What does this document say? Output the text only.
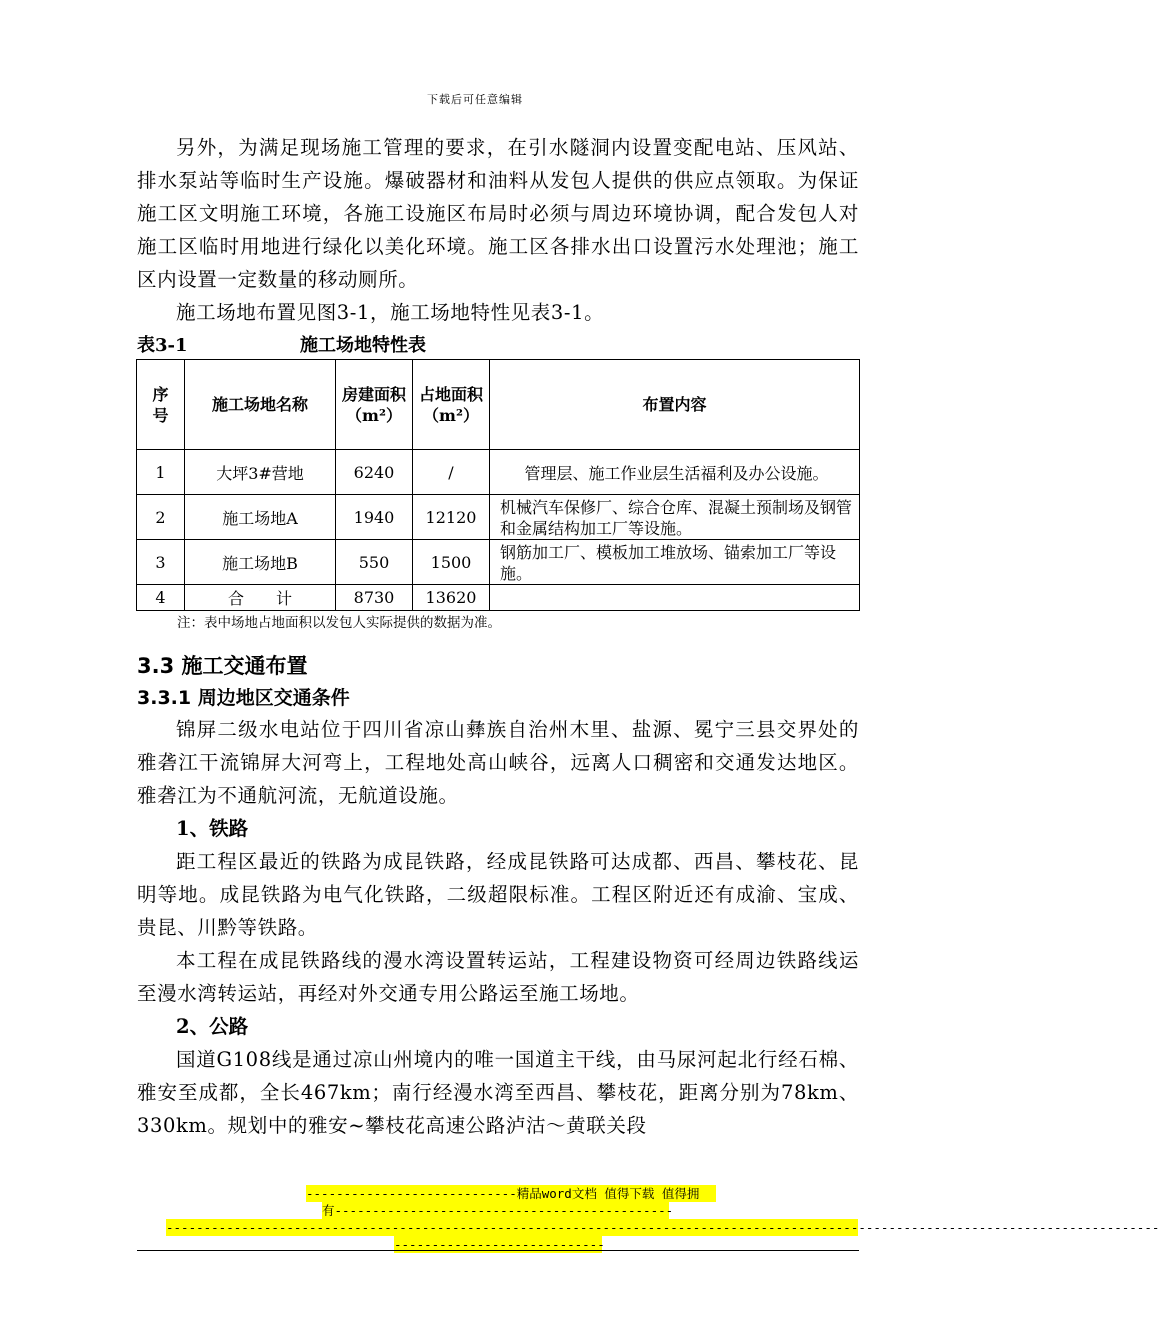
下载后可任意编辑

另外，为满足现场施工管理的要求，在引水隧洞内设置变配电站、压风站、排水泵站等临时生产设施。爆破器材和油料从发包人提供的供应点领取。为保证施工区文明施工环境，各施工设施区布局时必须与周边环境协调，配合发包人对施工区临时用地进行绿化以美化环境。施工区各排水出口设置污水处理池；施工区内设置一定数量的移动厕所。

施工场地布置见图3-1，施工场地特性见表3-1。

表3-1	施工场地特性表
序号	施工场地名称	房建面积（m²）	占地面积（m²）	布置内容
1	大坪3#营地	6240	/	管理层、施工作业层生活福利及办公设施。
2	施工场地A	1940	12120	机械汽车保修厂、综合仓库、混凝土预制场及钢管和金属结构加工厂等设施。
3	施工场地B	550	1500	钢筋加工厂、模板加工堆放场、锚索加工厂等设施。
4	合　　计	8730	13620	
注：表中场地占地面积以发包人实际提供的数据为准。
3.3 施工交通布置
3.3.1 周边地区交通条件

锦屏二级水电站位于四川省凉山彝族自治州木里、盐源、冕宁三县交界处的雅砻江干流锦屏大河弯上，工程地处高山峡谷，远离人口稠密和交通发达地区。雅砻江为不通航河流，无航道设施。

1、铁路

距工程区最近的铁路为成昆铁路，经成昆铁路可达成都、西昌、攀枝花、昆明等地。成昆铁路为电气化铁路，二级超限标准。工程区附近还有成渝、宝成、贵昆、川黔等铁路。

本工程在成昆铁路线的漫水湾设置转运站，工程建设物资可经周边铁路线运至漫水湾转运站，再经对外交通专用公路运至施工场地。

2、公路

国道G108线是通过凉山州境内的唯一国道主干线，由马尿河起北行经石棉、雅安至成都，全长467km；南行经漫水湾至西昌、攀枝花，距离分别为78km、330km。规划中的雅安~攀枝花高速公路泸沽～黄联关段

----------------------------精品word文档 值得下载 值得拥
有---------------------------------------------
------------------------------------------------------------------------------------------------------------------------------------
----------------------------
